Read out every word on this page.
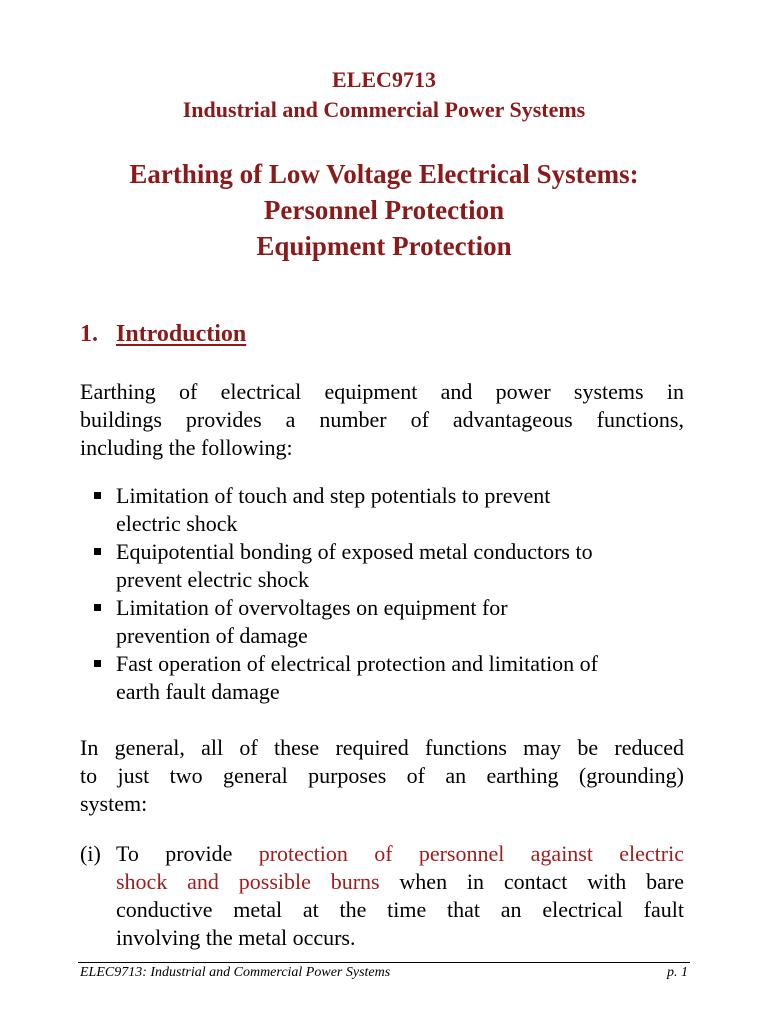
ELEC9713
Industrial and Commercial Power Systems
Earthing of Low Voltage Electrical Systems:
Personnel Protection
Equipment Protection
1. Introduction
Earthing of electrical equipment and power systems in
buildings provides a number of advantageous functions,
including the following:
Limitation of touch and step potentials to prevent
electric shock
Equipotential bonding of exposed metal conductors to
prevent electric shock
Limitation of overvoltages on equipment for
prevention of damage
Fast operation of electrical protection and limitation of
earth fault damage
In general, all of these required functions may be reduced
to just two general purposes of an earthing (grounding)
system:
(i) To provide protection of personnel against electric
shock and possible burns when in contact with bare
conductive metal at the time that an electrical fault
involving the metal occurs.
ELEC9713: Industrial and Commercial Power Systems	p. 1
